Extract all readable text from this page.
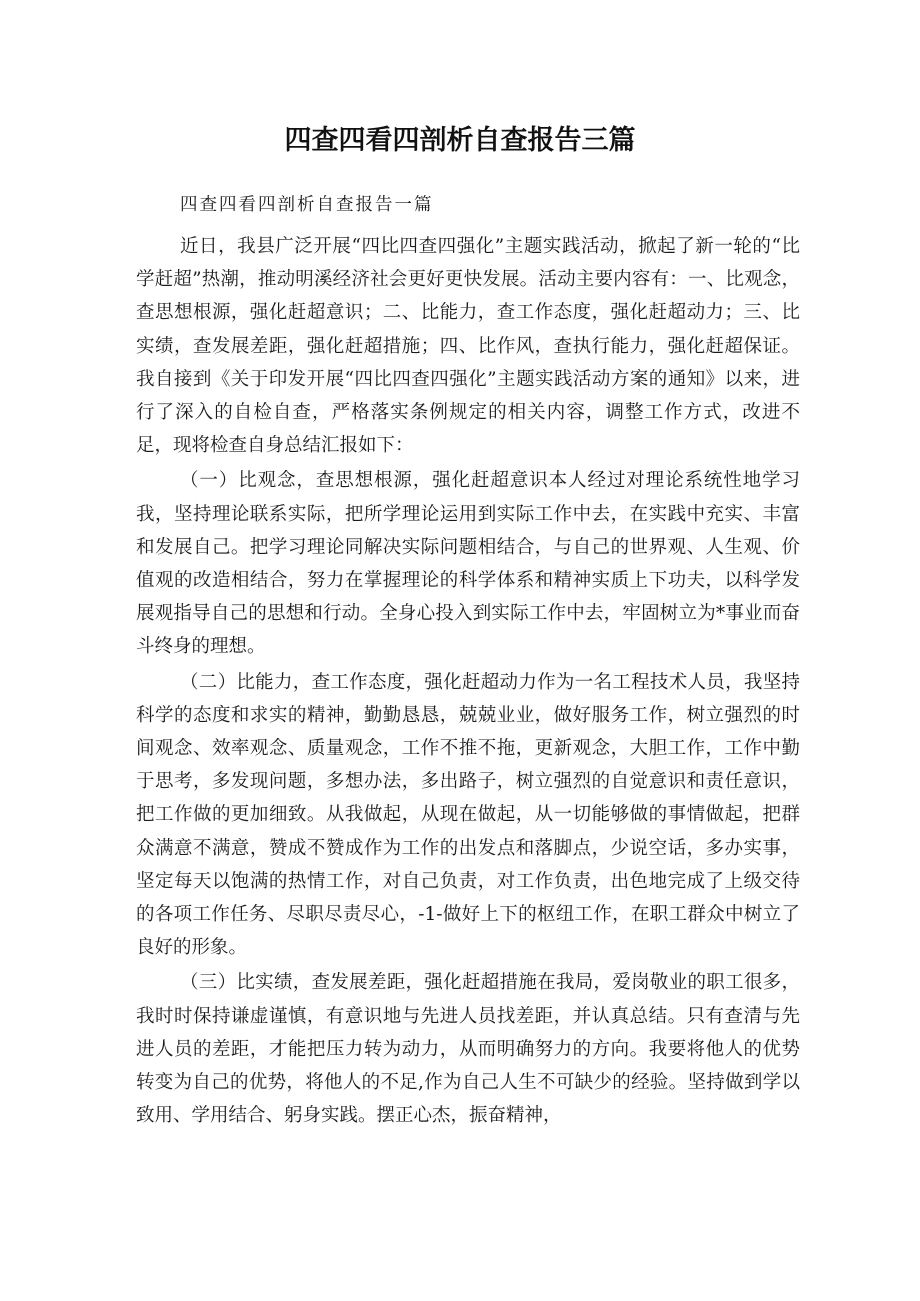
四查四看四剖析自查报告三篇

四查四看四剖析自查报告一篇

近日，我县广泛开展“四比四查四强化”主题实践活动，掀起了新一轮的“比学赶超”热潮，推动明溪经济社会更好更快发展。活动主要内容有：一、比观念，查思想根源，强化赶超意识；二、比能力，查工作态度，强化赶超动力；三、比实绩，查发展差距，强化赶超措施；四、比作风，查执行能力，强化赶超保证。我自接到《关于印发开展“四比四查四强化”主题实践活动方案的通知》以来，进行了深入的自检自查，严格落实条例规定的相关内容，调整工作方式，改进不足，现将检查自身总结汇报如下：

（一）比观念，查思想根源，强化赶超意识本人经过对理论系统性地学习我，坚持理论联系实际，把所学理论运用到实际工作中去，在实践中充实、丰富和发展自己。把学习理论同解决实际问题相结合，与自己的世界观、人生观、价值观的改造相结合，努力在掌握理论的科学体系和精神实质上下功夫，以科学发展观指导自己的思想和行动。全身心投入到实际工作中去，牢固树立为*事业而奋斗终身的理想。

（二）比能力，查工作态度，强化赶超动力作为一名工程技术人员，我坚持科学的态度和求实的精神，勤勤恳恳，兢兢业业，做好服务工作，树立强烈的时间观念、效率观念、质量观念，工作不推不拖，更新观念，大胆工作，工作中勤于思考，多发现问题，多想办法，多出路子，树立强烈的自觉意识和责任意识，把工作做的更加细致。从我做起，从现在做起，从一切能够做的事情做起，把群众满意不满意，赞成不赞成作为工作的出发点和落脚点，少说空话，多办实事，坚定每天以饱满的热情工作，对自己负责，对工作负责，出色地完成了上级交待的各项工作任务、尽职尽责尽心，-1-做好上下的枢纽工作，在职工群众中树立了良好的形象。

（三）比实绩，查发展差距，强化赶超措施在我局，爱岗敬业的职工很多，我时时保持谦虚谨慎，有意识地与先进人员找差距，并认真总结。只有查清与先进人员的差距，才能把压力转为动力，从而明确努力的方向。我要将他人的优势转变为自己的优势，将他人的不足,作为自己人生不可缺少的经验。坚持做到学以致用、学用结合、躬身实践。摆正心杰，振奋精神，
